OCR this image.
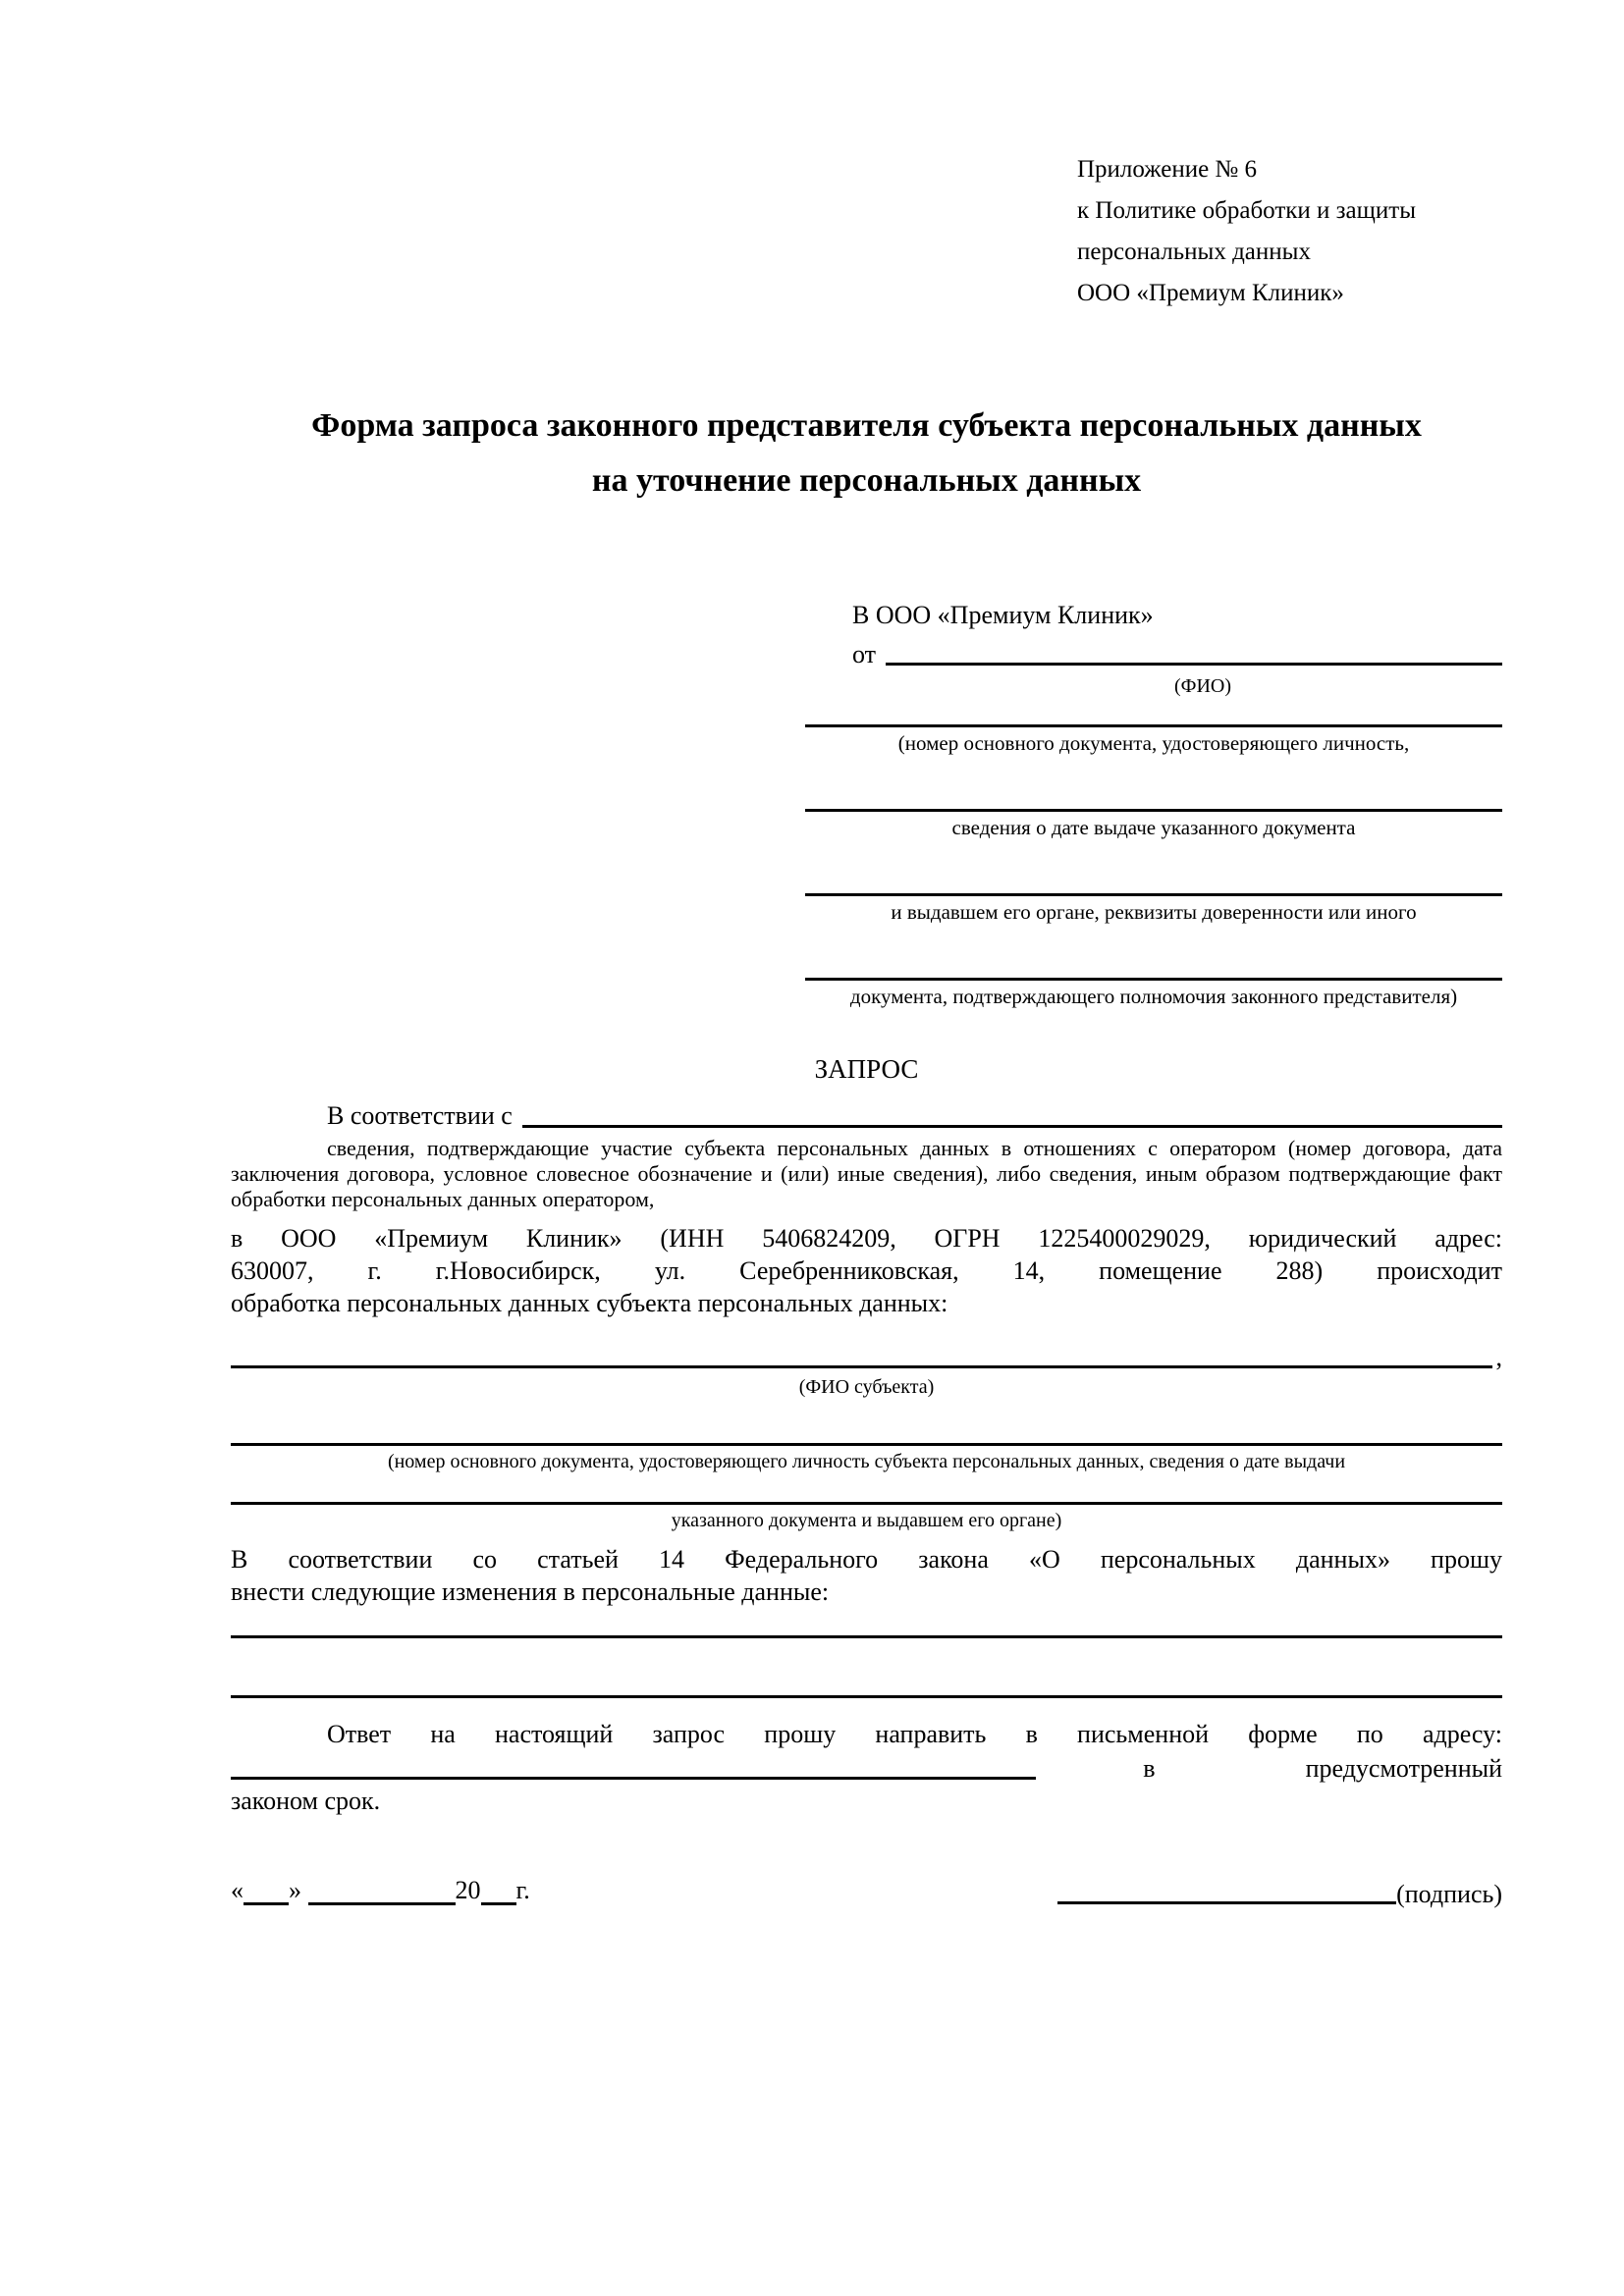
Приложение № 6
к Политике обработки и защиты
персональных данных
ООО «Премиум Клиник»
Форма запроса законного представителя субъекта персональных данных
на уточнение персональных данных
В ООО «Премиум Клиник»
от
(ФИО)
(номер основного документа, удостоверяющего личность,
сведения о дате выдаче указанного документа
и выдавшем его органе, реквизиты доверенности или иного
документа, подтверждающего полномочия законного представителя)
ЗАПРОС
В соответствии с
сведения, подтверждающие участие субъекта персональных данных в отношениях с оператором (номер договора, дата
заключения договора, условное словесное обозначение и (или) иные сведения), либо сведения, иным образом подтверждающие факт
обработки персональных данных оператором,
в ООО «Премиум Клиник» (ИНН 5406824209, ОГРН 1225400029029, юридический адрес:
630007, г. г.Новосибирск, ул. Серебренниковская, 14, помещение 288) происходит
обработка персональных данных субъекта персональных данных:
,
(ФИО субъекта)
(номер основного документа, удостоверяющего личность субъекта персональных данных, сведения о дате выдачи
указанного документа и выдавшем его органе)
В соответствии со статьей 14 Федерального закона «О персональных данных» прошу
внести следующие изменения в персональные данные:
Ответ на настоящий запрос прошу направить в письменной форме по адресу:
в	предусмотренный
законом срок.
« »	20 г.	(подпись)
